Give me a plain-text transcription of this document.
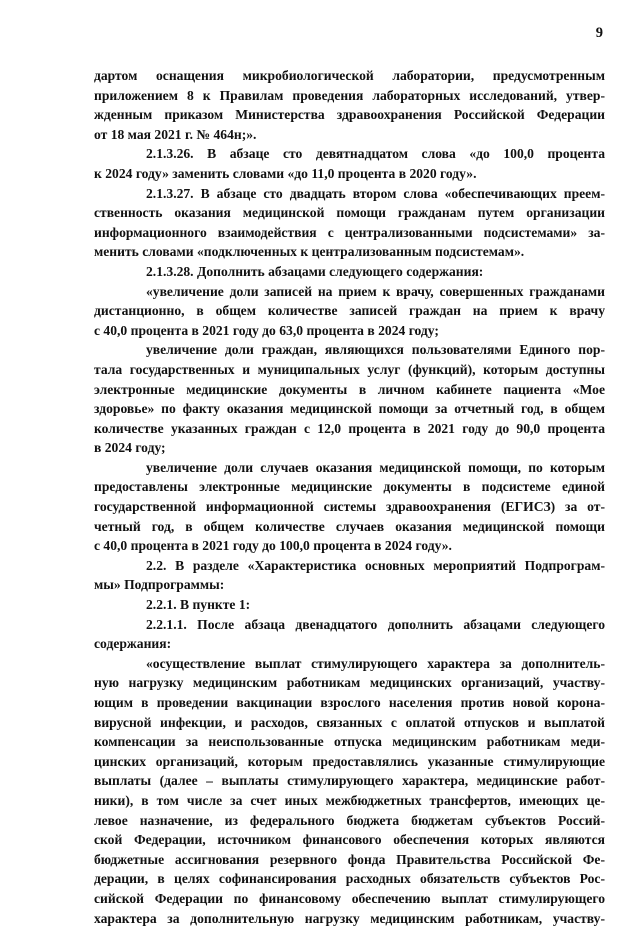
9
дартом оснащения микробиологической лаборатории, предусмотренным
приложением 8 к Правилам проведения лабораторных исследований, утвер-
жденным приказом Министерства здравоохранения Российской Федерации
от 18 мая 2021 г. № 464н;».
2.1.3.26. В абзаце сто девятнадцатом слова «до 100,0 процента
к 2024 году» заменить словами «до 11,0 процента в 2020 году».
2.1.3.27. В абзаце сто двадцать втором слова «обеспечивающих преем-
ственность оказания медицинской помощи гражданам путем организации
информационного взаимодействия с централизованными подсистемами» за-
менить словами «подключенных к централизованным подсистемам».
2.1.3.28. Дополнить абзацами следующего содержания:
«увеличение доли записей на прием к врачу, совершенных гражданами
дистанционно, в общем количестве записей граждан на прием к врачу
с 40,0 процента в 2021 году до 63,0 процента в 2024 году;
увеличение доли граждан, являющихся пользователями Единого пор-
тала государственных и муниципальных услуг (функций), которым доступны
электронные медицинские документы в личном кабинете пациента «Мое
здоровье» по факту оказания медицинской помощи за отчетный год, в общем
количестве указанных граждан с 12,0 процента в 2021 году до 90,0 процента
в 2024 году;
увеличение доли случаев оказания медицинской помощи, по которым
предоставлены электронные медицинские документы в подсистеме единой
государственной информационной системы здравоохранения (ЕГИСЗ) за от-
четный год, в общем количестве случаев оказания медицинской помощи
с 40,0 процента в 2021 году до 100,0 процента в 2024 году».
2.2. В разделе «Характеристика основных мероприятий Подпрограм-
мы» Подпрограммы:
2.2.1. В пункте 1:
2.2.1.1. После абзаца двенадцатого дополнить абзацами следующего
содержания:
«осуществление выплат стимулирующего характера за дополнитель-
ную нагрузку медицинским работникам медицинских организаций, участву-
ющим в проведении вакцинации взрослого населения против новой корона-
вирусной инфекции, и расходов, связанных с оплатой отпусков и выплатой
компенсации за неиспользованные отпуска медицинским работникам меди-
цинских организаций, которым предоставлялись указанные стимулирующие
выплаты (далее – выплаты стимулирующего характера, медицинские работ-
ники), в том числе за счет иных межбюджетных трансфертов, имеющих це-
левое назначение, из федерального бюджета бюджетам субъектов Россий-
ской Федерации, источником финансового обеспечения которых являются
бюджетные ассигнования резервного фонда Правительства Российской Фе-
дерации, в целях софинансирования расходных обязательств субъектов Рос-
сийской Федерации по финансовому обеспечению выплат стимулирующего
характера за дополнительную нагрузку медицинским работникам, участву-
